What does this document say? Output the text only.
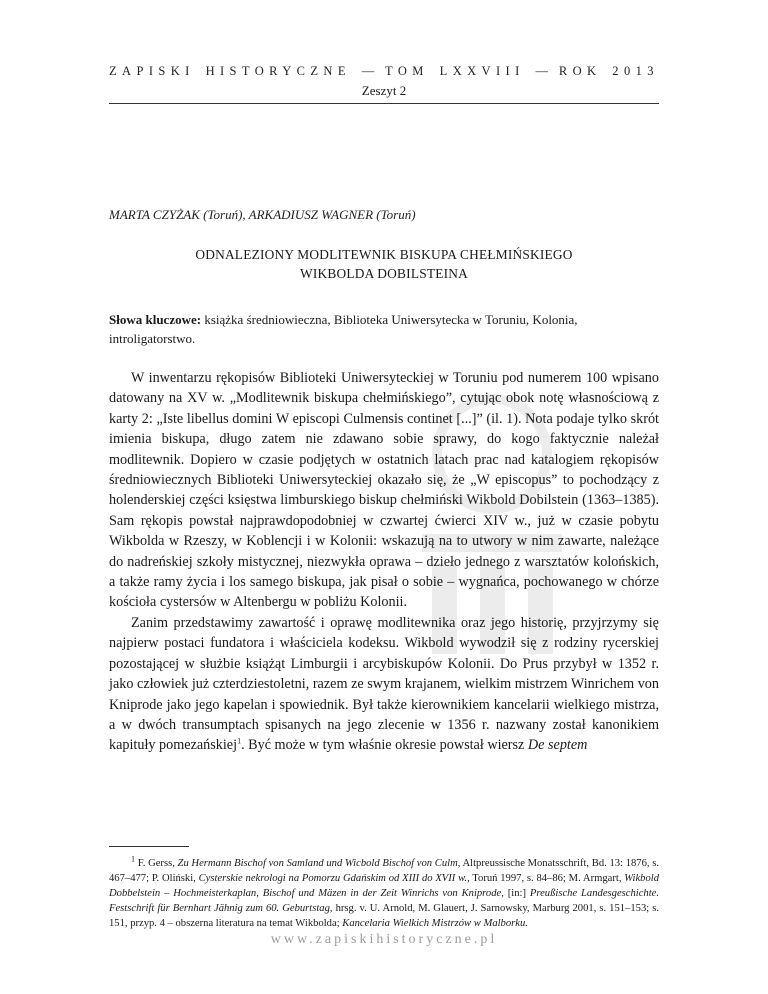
ZAPISKI HISTORYCZNE — TOM LXXVIII — ROK 2013
Zeszyt 2
MARTA CZYŻAK (Toruń), ARKADIUSZ WAGNER (Toruń)
ODNALEZIONY MODLITEWNIK BISKUPA CHEŁMIŃSKIEGO
WIKBOLDA DOBILSTEINA
Słowa kluczowe: książka średniowieczna, Biblioteka Uniwersytecka w Toruniu, Kolonia, introligatorstwo.

W inwentarzu rękopisów Biblioteki Uniwersyteckiej w Toruniu pod numerem 100 wpisano datowany na XV w. „Modlitewnik biskupa chełmińskiego”, cytując obok notę własnościową z karty 2: „Iste libellus domini W episcopi Culmensis continet [...]” (il. 1). Nota podaje tylko skrót imienia biskupa, długo zatem nie zdawano sobie sprawy, do kogo faktycznie należał modlitewnik. Dopiero w czasie podjętych w ostatnich latach prac nad katalogiem rękopisów średniowiecznych Biblioteki Uniwersyteckiej okazało się, że „W episcopus” to pochodzący z holenderskiej części księstwa limburskiego biskup chełmiński Wikbold Dobilstein (1363–1385). Sam rękopis powstał najprawdopodobniej w czwartej ćwierci XIV w., już w czasie pobytu Wikbolda w Rzeszy, w Koblencji i w Kolonii: wskazują na to utwory w nim zawarte, należące do nadreńskiej szkoły mistycznej, niezwykła oprawa – dzieło jednego z warsztatów kolońskich, a także ramy życia i los samego biskupa, jak pisał o sobie – wygnańca, pochowanego w chórze kościoła cystersów w Altenbergu w pobliżu Kolonii.

Zanim przedstawimy zawartość i oprawę modlitewnika oraz jego historię, przyjrzymy się najpierw postaci fundatora i właściciela kodeksu. Wikbold wywodził się z rodziny rycerskiej pozostającej w służbie książąt Limburgii i arcybiskupów Kolonii. Do Prus przybył w 1352 r. jako człowiek już czterdziestoletni, razem ze swym krajanem, wielkim mistrzem Winrichem von Kniprode jako jego kapelan i spowiednik. Był także kierownikiem kancelarii wielkiego mistrza, a w dwóch transumptach spisanych na jego zlecenie w 1356 r. nazwany został kanonikiem kapituły pomezańskiej$^1$. Być może w tym właśnie okresie powstał wiersz De septem

$^1$ F. Gerss, Zu Hermann Bischof von Samland und Wicbold Bischof von Culm, Altpreussische Monatsschrift, Bd. 13: 1876, s. 467–477; P. Oliński, Cysterskie nekrologi na Pomorzu Gdańskim od XIII do XVII w., Toruń 1997, s. 84–86; M. Armgart, Wikbold Dobbelstein – Hochmeisterkaplan, Bischof und Mäzen in der Zeit Winrichs von Kniprode, [in:] Preußische Landesgeschichte. Festschrift für Bernhart Jähnig zum 60. Geburtstag, hrsg. v. U. Arnold, M. Glauert, J. Sarnowsky, Marburg 2001, s. 151–153; s. 151, przyp. 4 – obszerna literatura na temat Wikbolda; Kancelaria Wielkich Mistrzów w Malborku.
www.zapiskihistoryczne.pl
